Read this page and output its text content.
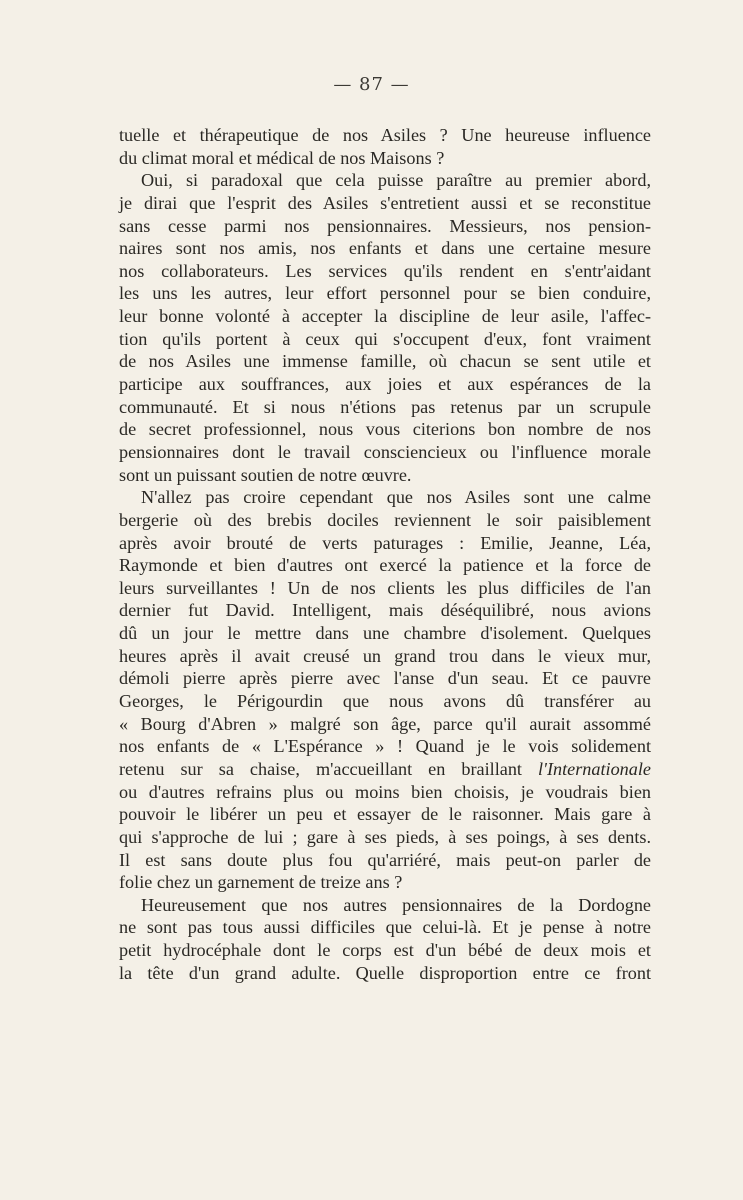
— 87 —
tuelle et thérapeutique de nos Asiles ? Une heureuse influence
du climat moral et médical de nos Maisons ?
Oui, si paradoxal que cela puisse paraître au premier abord,
je dirai que l'esprit des Asiles s'entretient aussi et se reconstitue
sans cesse parmi nos pensionnaires. Messieurs, nos pension-
naires sont nos amis, nos enfants et dans une certaine mesure
nos collaborateurs. Les services qu'ils rendent en s'entr'aidant
les uns les autres, leur effort personnel pour se bien conduire,
leur bonne volonté à accepter la discipline de leur asile, l'affec-
tion qu'ils portent à ceux qui s'occupent d'eux, font vraiment
de nos Asiles une immense famille, où chacun se sent utile et
participe aux souffrances, aux joies et aux espérances de la
communauté. Et si nous n'étions pas retenus par un scrupule
de secret professionnel, nous vous citerions bon nombre de nos
pensionnaires dont le travail consciencieux ou l'influence morale
sont un puissant soutien de notre œuvre.
N'allez pas croire cependant que nos Asiles sont une calme
bergerie où des brebis dociles reviennent le soir paisiblement
après avoir brouté de verts paturages : Emilie, Jeanne, Léa,
Raymonde et bien d'autres ont exercé la patience et la force de
leurs surveillantes ! Un de nos clients les plus difficiles de l'an
dernier fut David. Intelligent, mais déséquilibré, nous avions
dû un jour le mettre dans une chambre d'isolement. Quelques
heures après il avait creusé un grand trou dans le vieux mur,
démoli pierre après pierre avec l'anse d'un seau. Et ce pauvre
Georges, le Périgourdin que nous avons dû transférer au
« Bourg d'Abren » malgré son âge, parce qu'il aurait assommé
nos enfants de « L'Espérance » ! Quand je le vois solidement
retenu sur sa chaise, m'accueillant en braillant l'Internationale
ou d'autres refrains plus ou moins bien choisis, je voudrais bien
pouvoir le libérer un peu et essayer de le raisonner. Mais gare à
qui s'approche de lui ; gare à ses pieds, à ses poings, à ses dents.
Il est sans doute plus fou qu'arriéré, mais peut-on parler de
folie chez un garnement de treize ans ?
Heureusement que nos autres pensionnaires de la Dordogne
ne sont pas tous aussi difficiles que celui-là. Et je pense à notre
petit hydrocéphale dont le corps est d'un bébé de deux mois et
la tête d'un grand adulte. Quelle disproportion entre ce front
